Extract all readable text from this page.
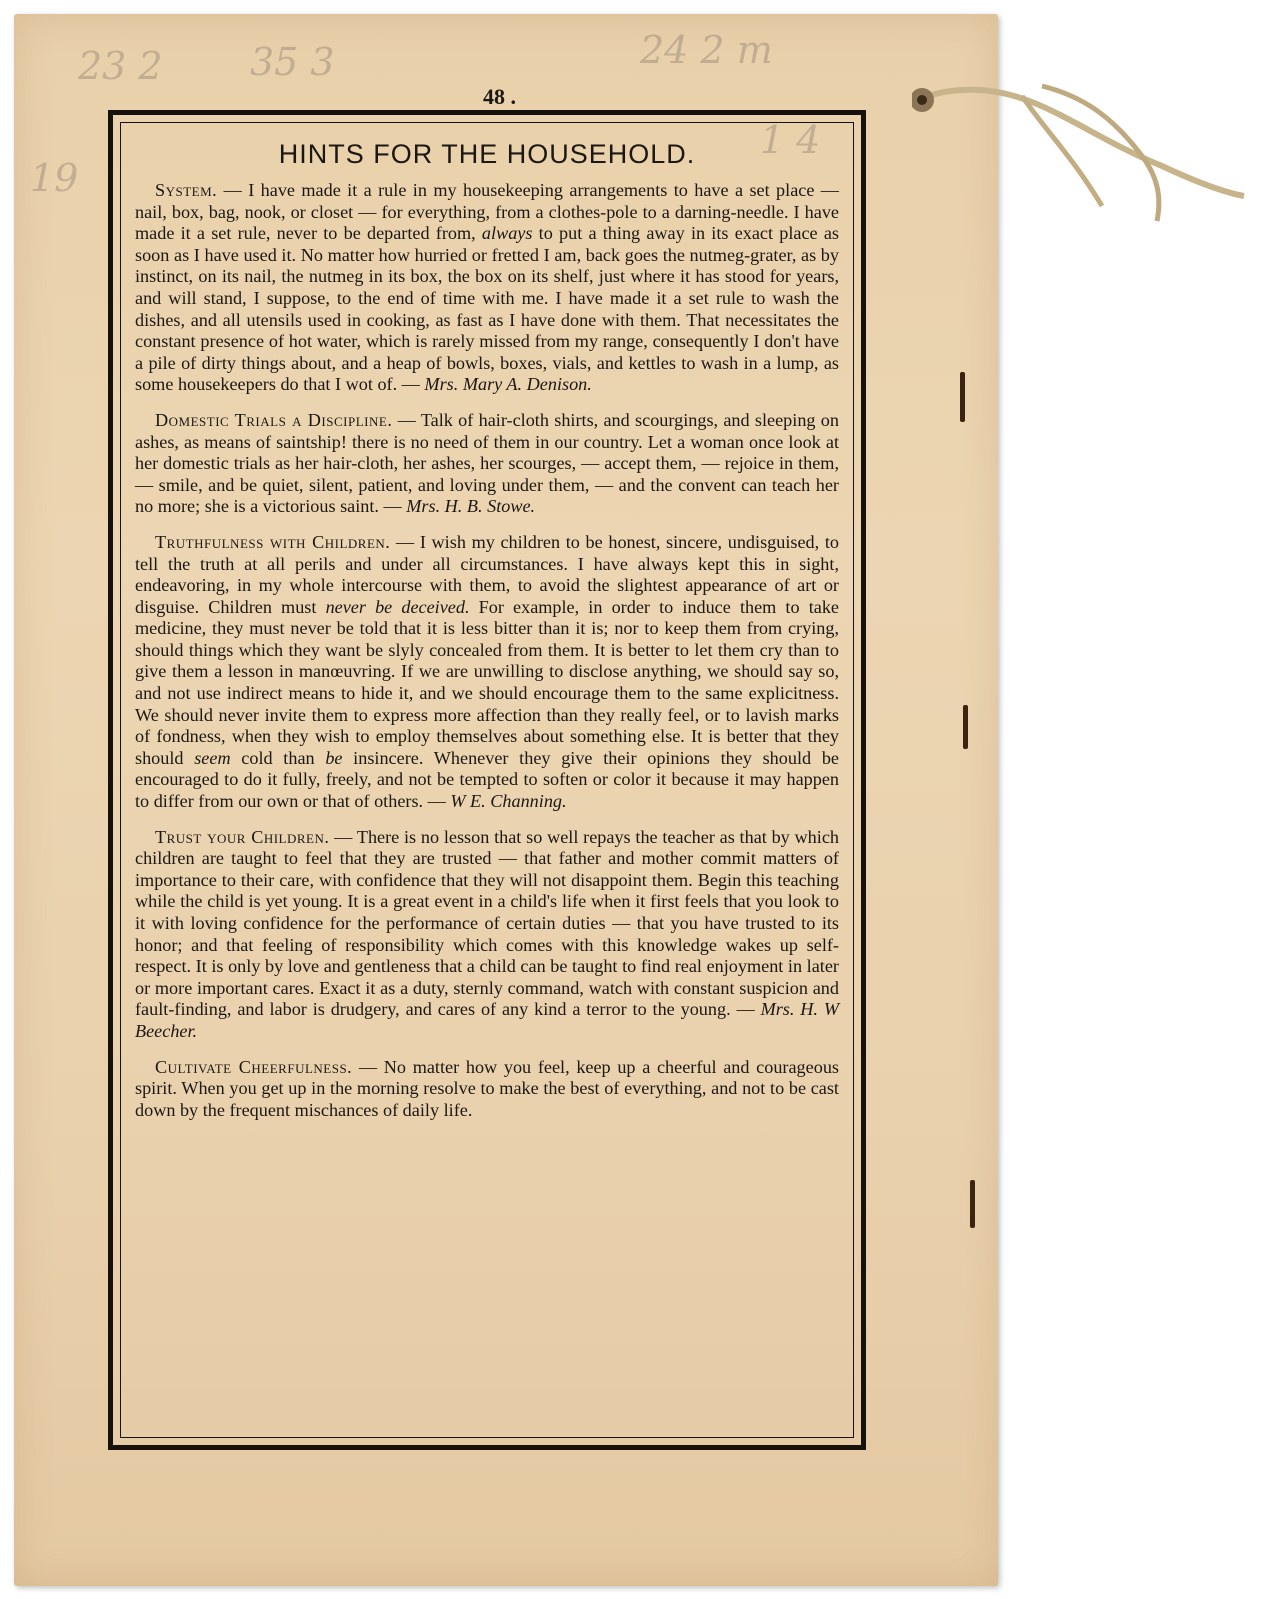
23 2 35 3	24 2 m
19
1 4
48 .
HINTS FOR THE HOUSEHOLD.

System. — I have made it a rule in my housekeeping arrangements to have a set place — nail, box, bag, nook, or closet — for everything, from a clothes-pole to a darning-needle. I have made it a set rule, never to be departed from, always to put a thing away in its exact place as soon as I have used it. No matter how hurried or fretted I am, back goes the nutmeg-grater, as by instinct, on its nail, the nutmeg in its box, the box on its shelf, just where it has stood for years, and will stand, I suppose, to the end of time with me. I have made it a set rule to wash the dishes, and all utensils used in cooking, as fast as I have done with them. That necessitates the constant presence of hot water, which is rarely missed from my range, consequently I don't have a pile of dirty things about, and a heap of bowls, boxes, vials, and kettles to wash in a lump, as some housekeepers do that I wot of. — Mrs. Mary A. Denison.

Domestic Trials a Discipline. — Talk of hair-cloth shirts, and scourgings, and sleeping on ashes, as means of saintship! there is no need of them in our country. Let a woman once look at her domestic trials as her hair-cloth, her ashes, her scourges, — accept them, — rejoice in them, — smile, and be quiet, silent, patient, and loving under them, — and the convent can teach her no more; she is a victorious saint. — Mrs. H. B. Stowe.

Truthfulness with Children. — I wish my children to be honest, sincere, undisguised, to tell the truth at all perils and under all circumstances. I have always kept this in sight, endeavoring, in my whole intercourse with them, to avoid the slightest appearance of art or disguise. Children must never be deceived. For example, in order to induce them to take medicine, they must never be told that it is less bitter than it is; nor to keep them from crying, should things which they want be slyly concealed from them. It is better to let them cry than to give them a lesson in manœuvring. If we are unwilling to disclose anything, we should say so, and not use indirect means to hide it, and we should encourage them to the same explicitness. We should never invite them to express more affection than they really feel, or to lavish marks of fondness, when they wish to employ themselves about something else. It is better that they should seem cold than be insincere. Whenever they give their opinions they should be encouraged to do it fully, freely, and not be tempted to soften or color it because it may happen to differ from our own or that of others. — W E. Channing.

Trust your Children. — There is no lesson that so well repays the teacher as that by which children are taught to feel that they are trusted — that father and mother commit matters of importance to their care, with confidence that they will not disappoint them. Begin this teaching while the child is yet young. It is a great event in a child's life when it first feels that you look to it with loving confidence for the performance of certain duties — that you have trusted to its honor; and that feeling of responsibility which comes with this knowledge wakes up self-respect. It is only by love and gentleness that a child can be taught to find real enjoyment in later or more important cares. Exact it as a duty, sternly command, watch with constant suspicion and fault-finding, and labor is drudgery, and cares of any kind a terror to the young. — Mrs. H. W Beecher.

Cultivate Cheerfulness. — No matter how you feel, keep up a cheerful and courageous spirit. When you get up in the morning resolve to make the best of everything, and not to be cast down by the frequent mischances of daily life.
